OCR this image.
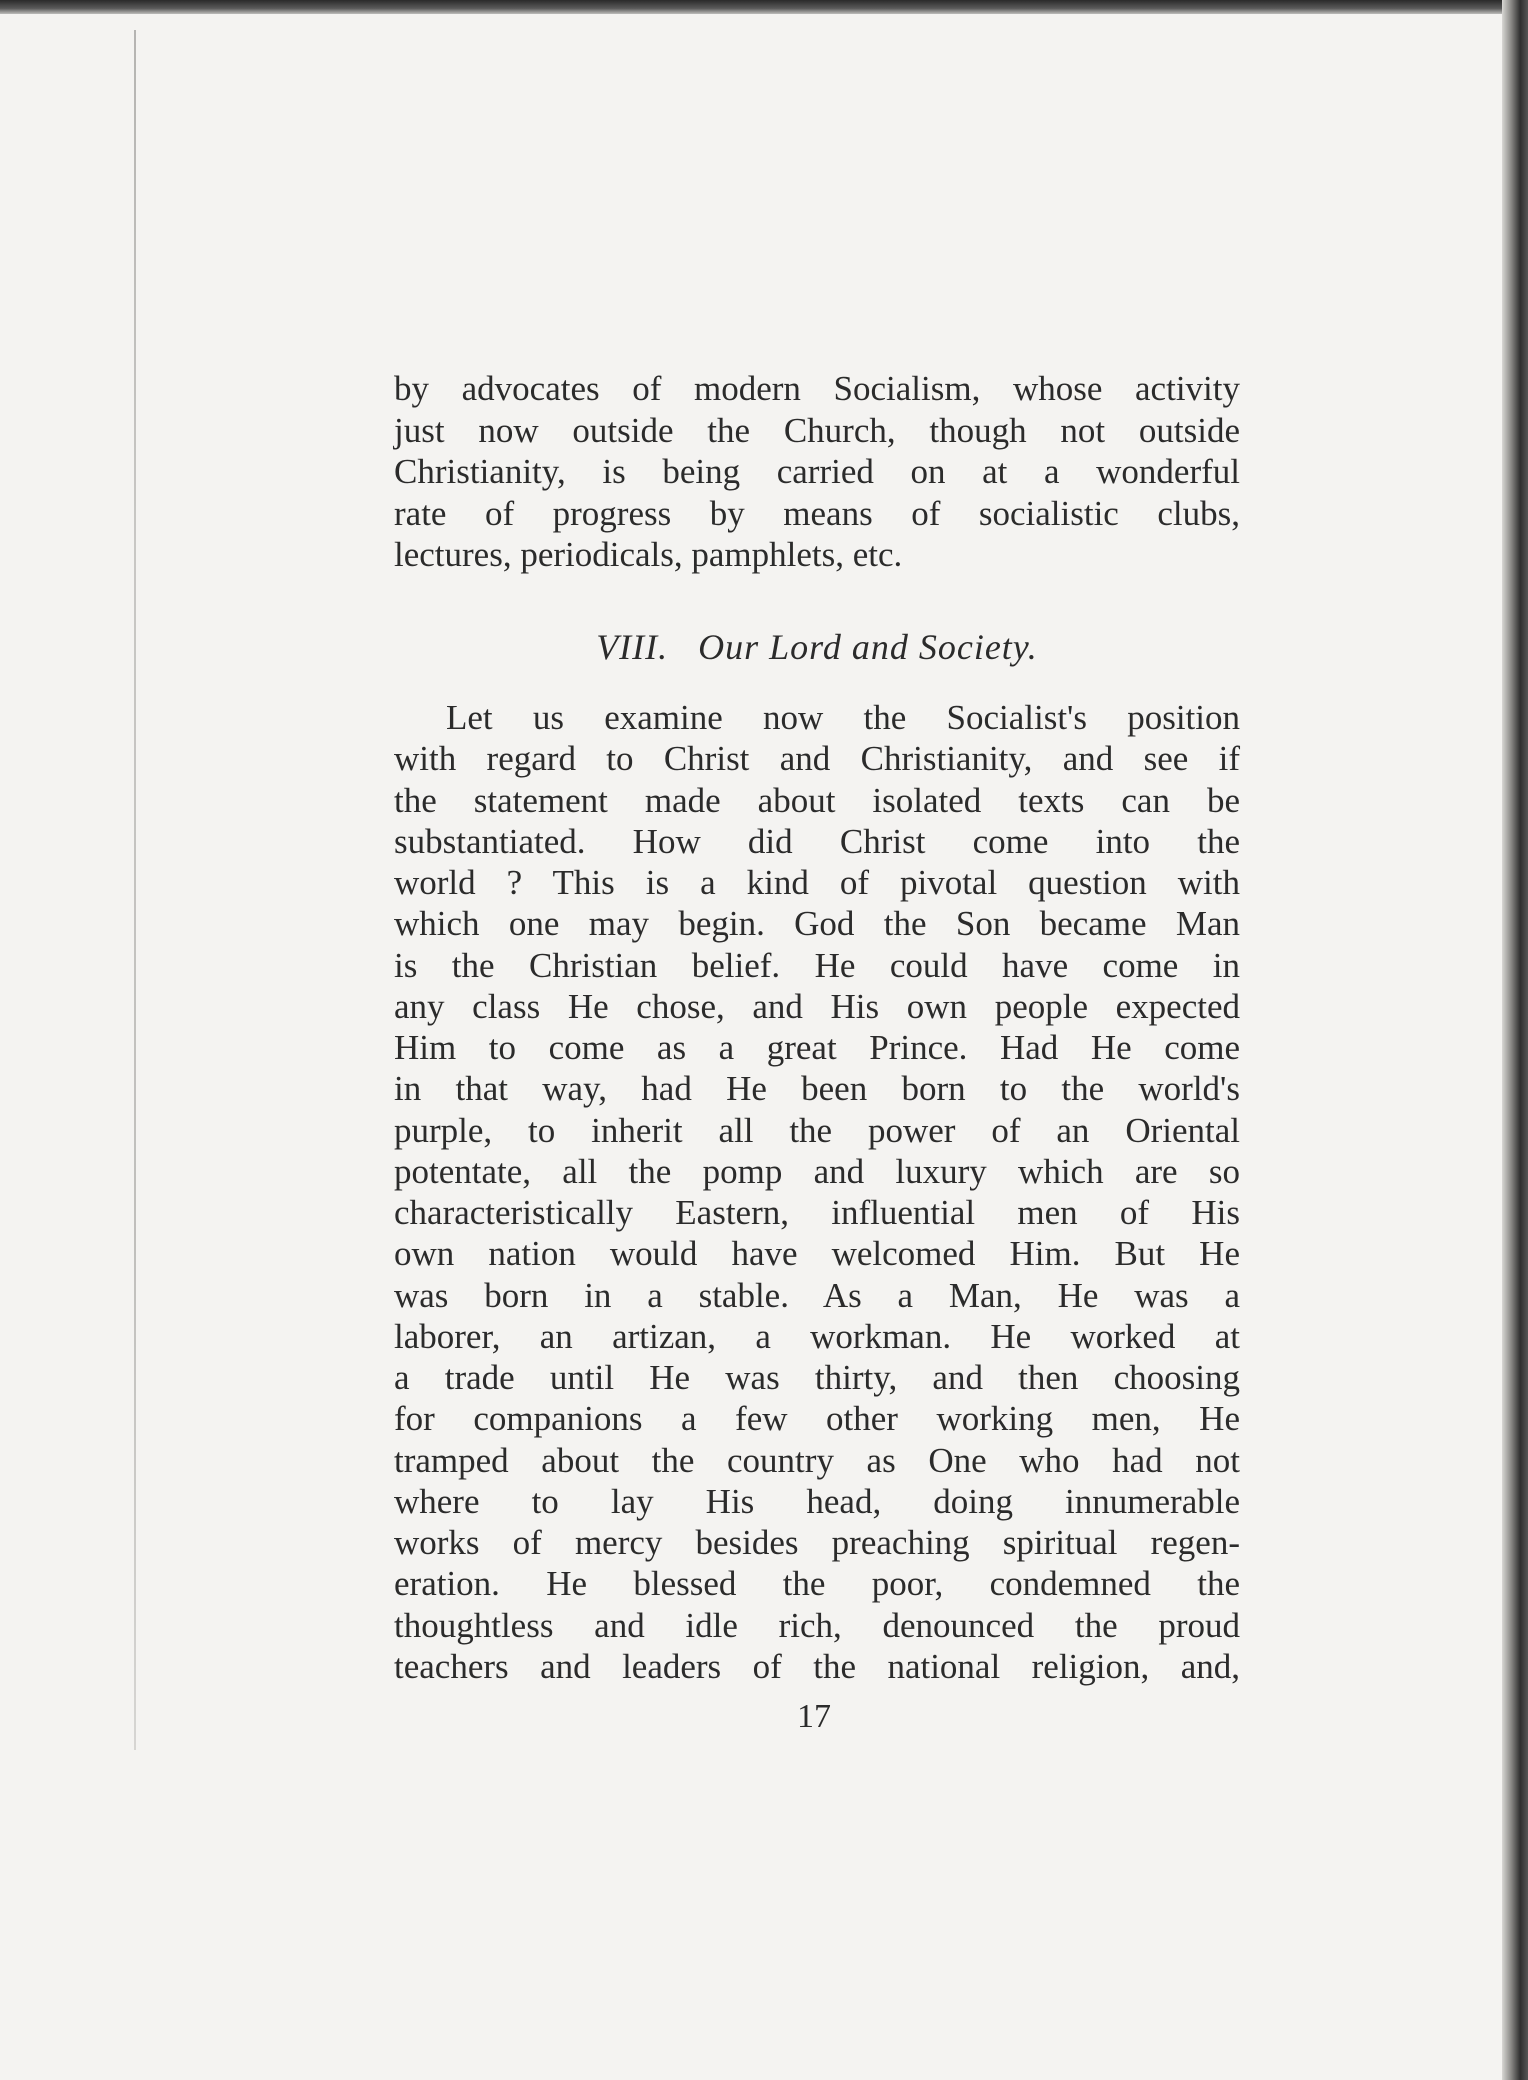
by advocates of modern Socialism, whose activity
just now outside the Church, though not outside
Christianity, is being carried on at a wonderful
rate of progress by means of socialistic clubs,
lectures, periodicals, pamphlets, etc.
VIII.   Our Lord and Society.
Let us examine now the Socialist's position
with regard to Christ and Christianity, and see if
the statement made about isolated texts can be
substantiated. How did Christ come into the
world ? This is a kind of pivotal question with
which one may begin. God the Son became Man
is the Christian belief. He could have come in
any class He chose, and His own people expected
Him to come as a great Prince. Had He come
in that way, had He been born to the world's
purple, to inherit all the power of an Oriental
potentate, all the pomp and luxury which are so
characteristically Eastern, influential men of His
own nation would have welcomed Him. But He
was born in a stable. As a Man, He was a
laborer, an artizan, a workman. He worked at
a trade until He was thirty, and then choosing
for companions a few other working men, He
tramped about the country as One who had not
where to lay His head, doing innumerable
works of mercy besides preaching spiritual regen-
eration. He blessed the poor, condemned the
thoughtless and idle rich, denounced the proud
teachers and leaders of the national religion, and,
17
